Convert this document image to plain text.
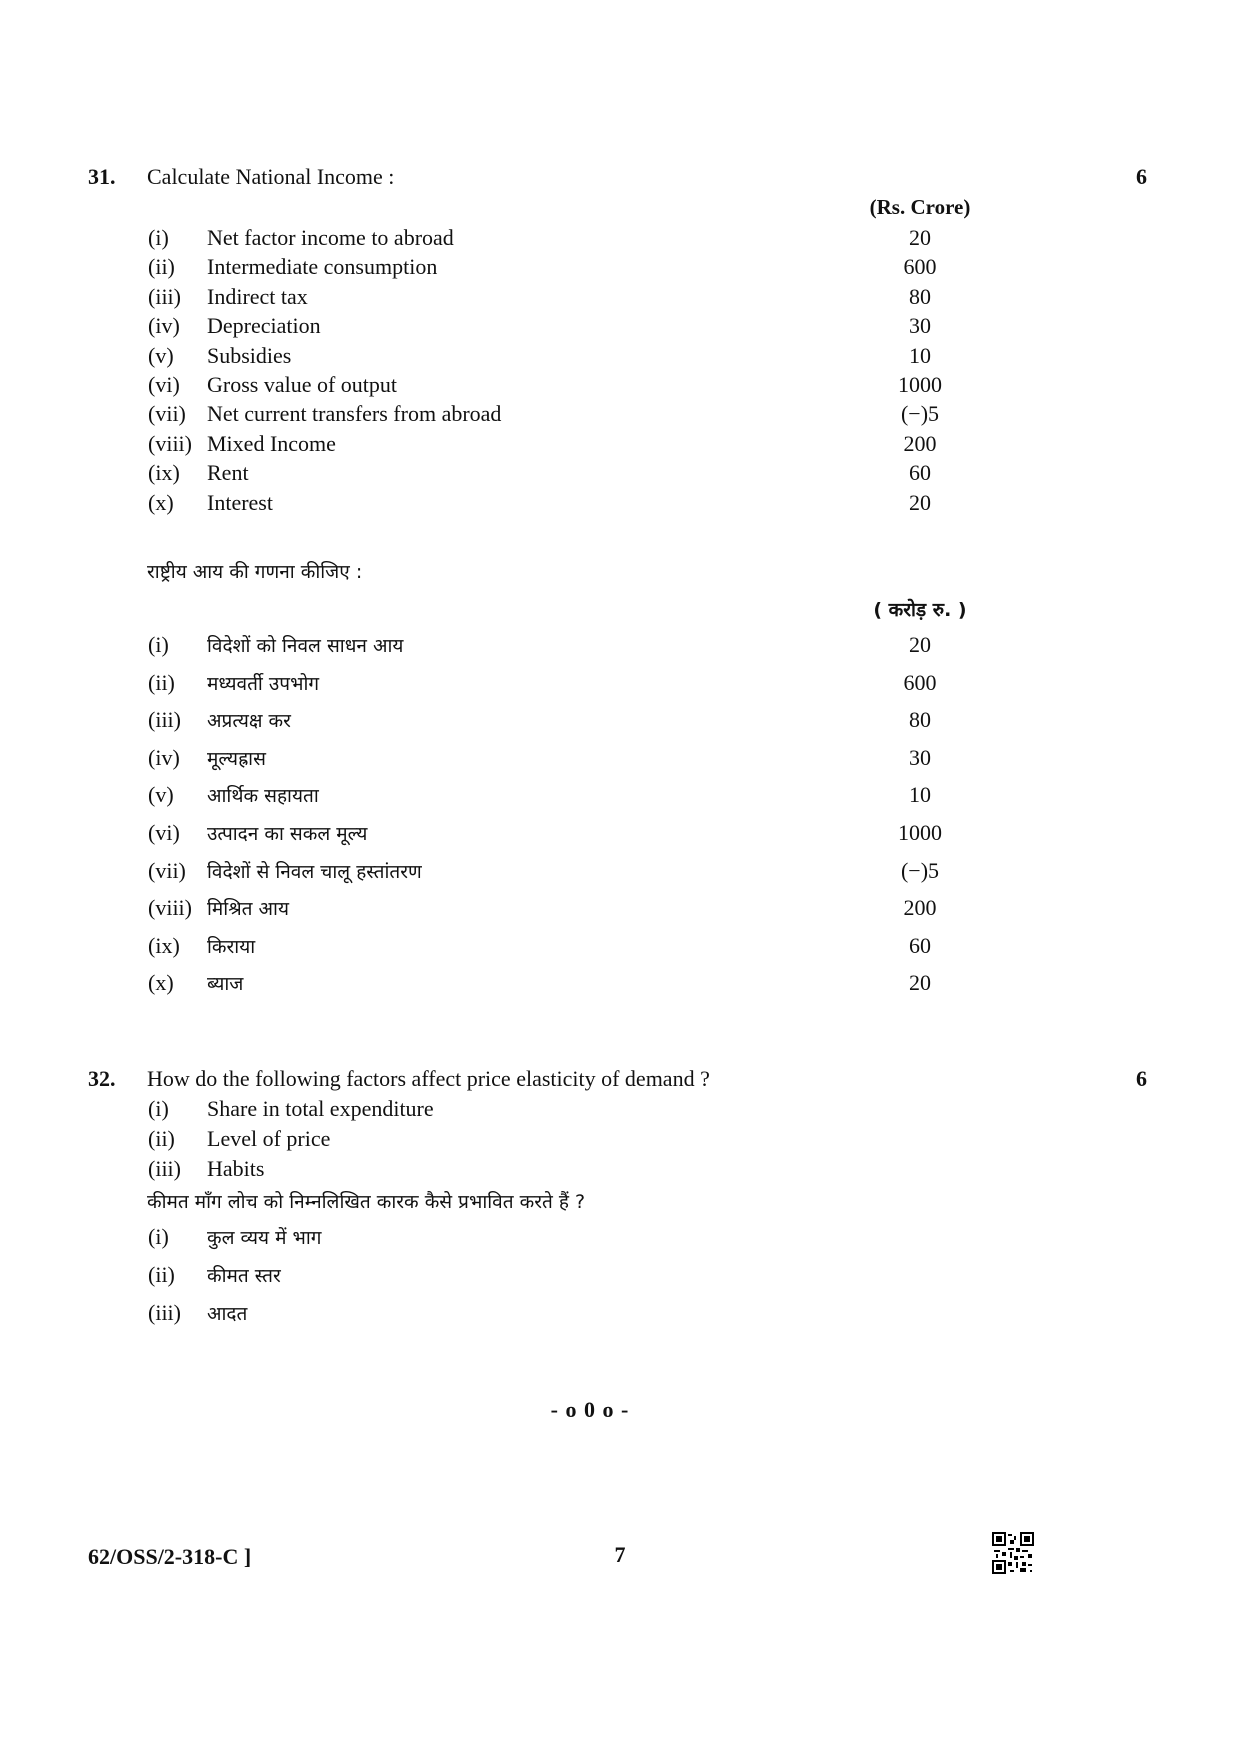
31. Calculate National Income :	6
(Rs. Crore)
(i) Net factor income to abroad	20
(ii) Intermediate consumption	600
(iii) Indirect tax	80
(iv) Depreciation	30
(v) Subsidies	10
(vi) Gross value of output	1000
(vii) Net current transfers from abroad	(−)5
(viii) Mixed Income	200
(ix) Rent	60
(x) Interest	20
राष्ट्रीय आय की गणना कीजिए :
( करोड़ रु. )
(i) विदेशों को निवल साधन आय	20
(ii) मध्यवर्ती उपभोग	600
(iii) अप्रत्यक्ष कर	80
(iv) मूल्यह्रास	30
(v) आर्थिक सहायता	10
(vi) उत्पादन का सकल मूल्य	1000
(vii) विदेशों से निवल चालू हस्तांतरण	(−)5
(viii) मिश्रित आय	200
(ix) किराया	60
(x) ब्याज	20
32. How do the following factors affect price elasticity of demand ?	6
(i) Share in total expenditure
(ii) Level of price
(iii) Habits
कीमत माँग लोच को निम्नलिखित कारक कैसे प्रभावित करते हैं ?
(i) कुल व्यय में भाग
(ii) कीमत स्तर
(iii) आदत
- o 0 o -
62/OSS/2-318-C ]	7
